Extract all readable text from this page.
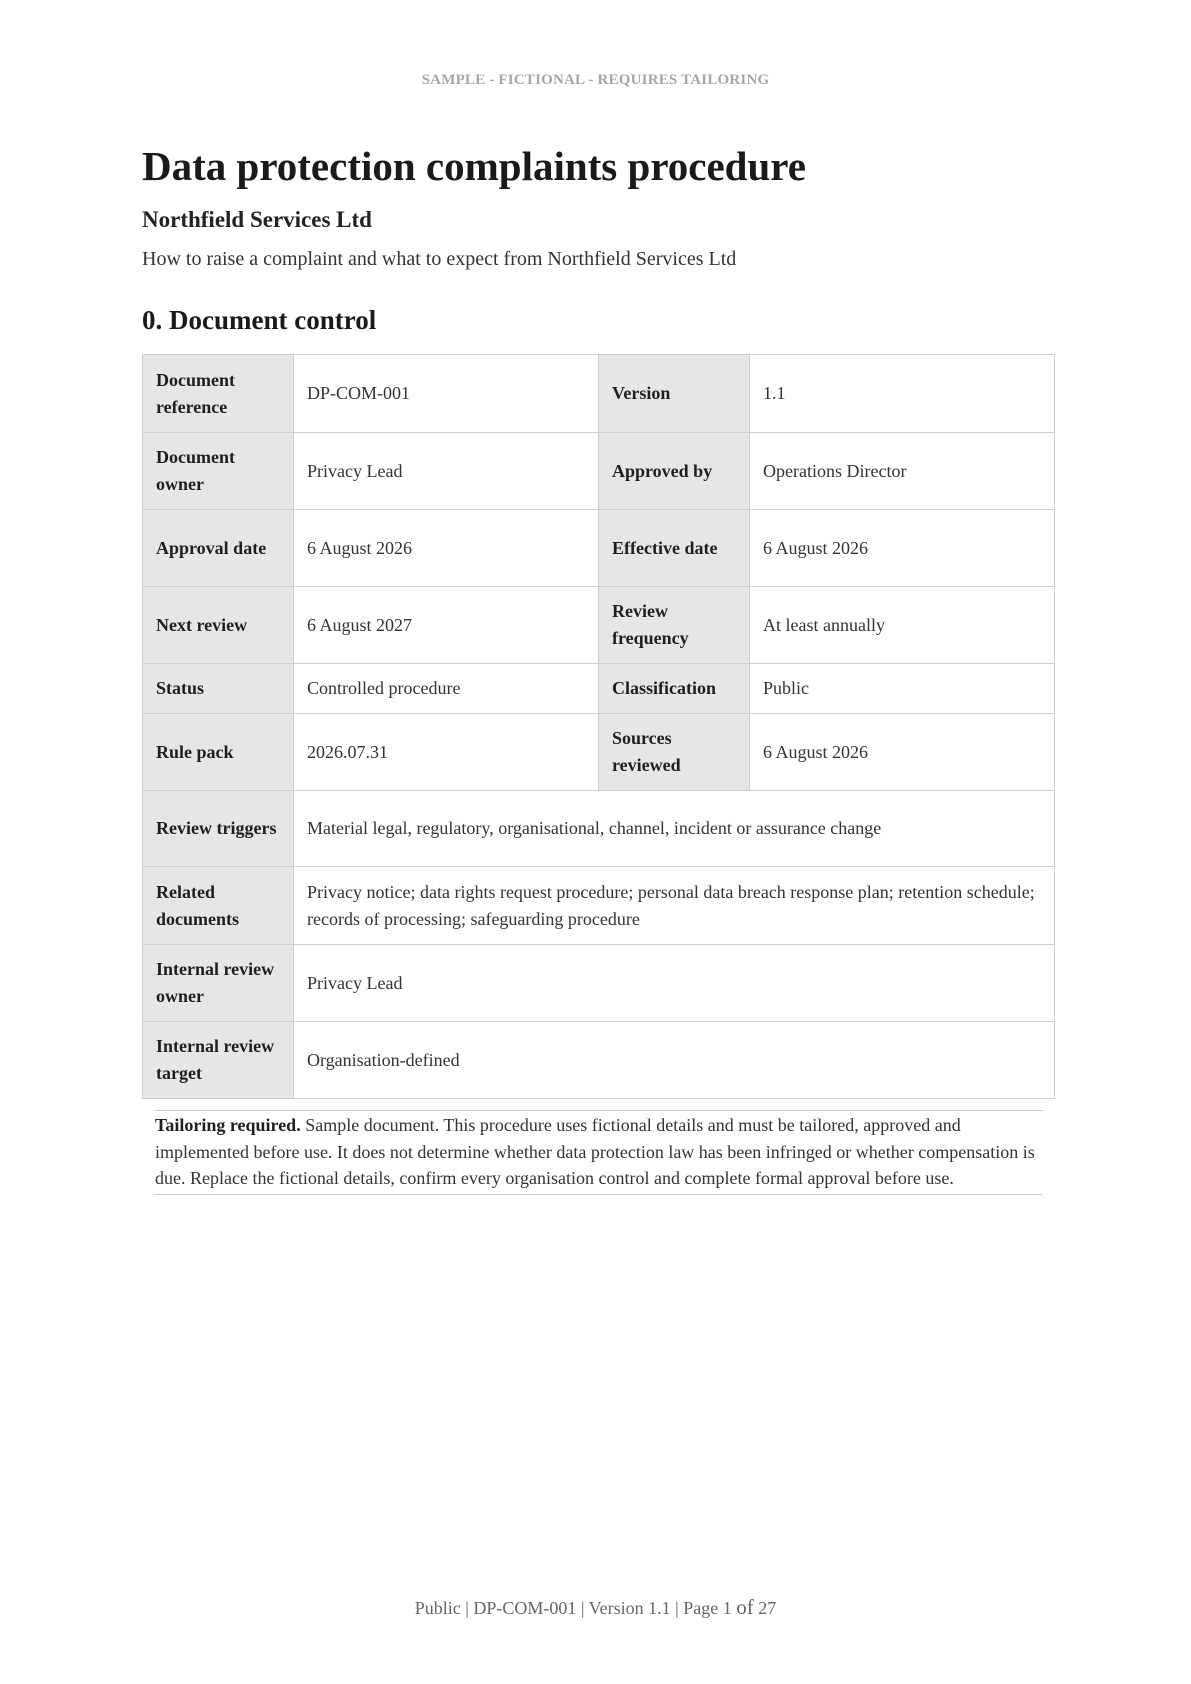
SAMPLE - FICTIONAL - REQUIRES TAILORING
Data protection complaints procedure
Northfield Services Ltd

How to raise a complaint and what to expect from Northfield Services Ltd

0. Document control
Document reference	DP-COM-001	Version	1.1
Document owner	Privacy Lead	Approved by	Operations Director
Approval date	6 August 2026	Effective date	6 August 2026
Next review	6 August 2027	Review frequency	At least annually
Status	Controlled procedure	Classification	Public
Rule pack	2026.07.31	Sources reviewed	6 August 2026
Review triggers	Material legal, regulatory, organisational, channel, incident or assurance change		
Related documents	Privacy notice; data rights request procedure; personal data breach response plan; retention schedule; records of processing; safeguarding procedure		
Internal review owner	Privacy Lead		
Internal review target	Organisation-defined		
Tailoring required. Sample document. This procedure uses fictional details and must be tailored, approved and implemented before use. It does not determine whether data protection law has been infringed or whether compensation is due. Replace the fictional details, confirm every organisation control and complete formal approval before use.
Public | DP-COM-001 | Version 1.1 | Page 1 of 27
